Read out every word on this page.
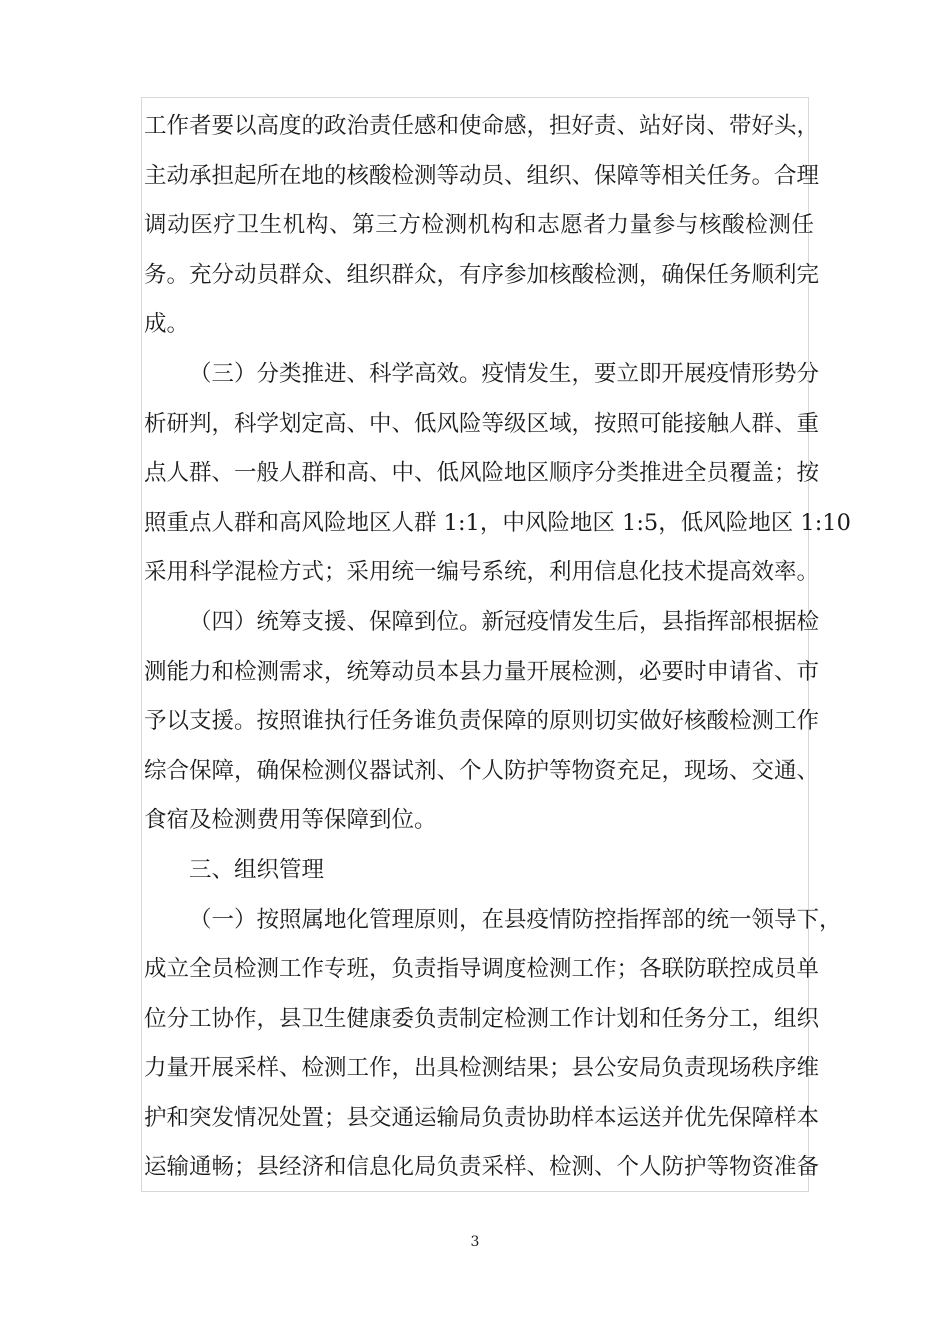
工作者要以高度的政治责任感和使命感，担好责、站好岗、带好头，
主动承担起所在地的核酸检测等动员、组织、保障等相关任务。合理
调动医疗卫生机构、第三方检测机构和志愿者力量参与核酸检测任
务。充分动员群众、组织群众，有序参加核酸检测，确保任务顺利完
成。
（三）分类推进、科学高效。疫情发生，要立即开展疫情形势分
析研判，科学划定高、中、低风险等级区域，按照可能接触人群、重
点人群、一般人群和高、中、低风险地区顺序分类推进全员覆盖；按
照重点人群和高风险地区人群 1:1，中风险地区 1:5，低风险地区 1:10
采用科学混检方式；采用统一编号系统，利用信息化技术提高效率。
（四）统筹支援、保障到位。新冠疫情发生后，县指挥部根据检
测能力和检测需求，统筹动员本县力量开展检测，必要时申请省、市
予以支援。按照谁执行任务谁负责保障的原则切实做好核酸检测工作
综合保障，确保检测仪器试剂、个人防护等物资充足，现场、交通、
食宿及检测费用等保障到位。
三、组织管理
（一）按照属地化管理原则，在县疫情防控指挥部的统一领导下，
成立全员检测工作专班，负责指导调度检测工作；各联防联控成员单
位分工协作，县卫生健康委负责制定检测工作计划和任务分工，组织
力量开展采样、检测工作，出具检测结果；县公安局负责现场秩序维
护和突发情况处置；县交通运输局负责协助样本运送并优先保障样本
运输通畅；县经济和信息化局负责采样、检测、个人防护等物资准备
3
